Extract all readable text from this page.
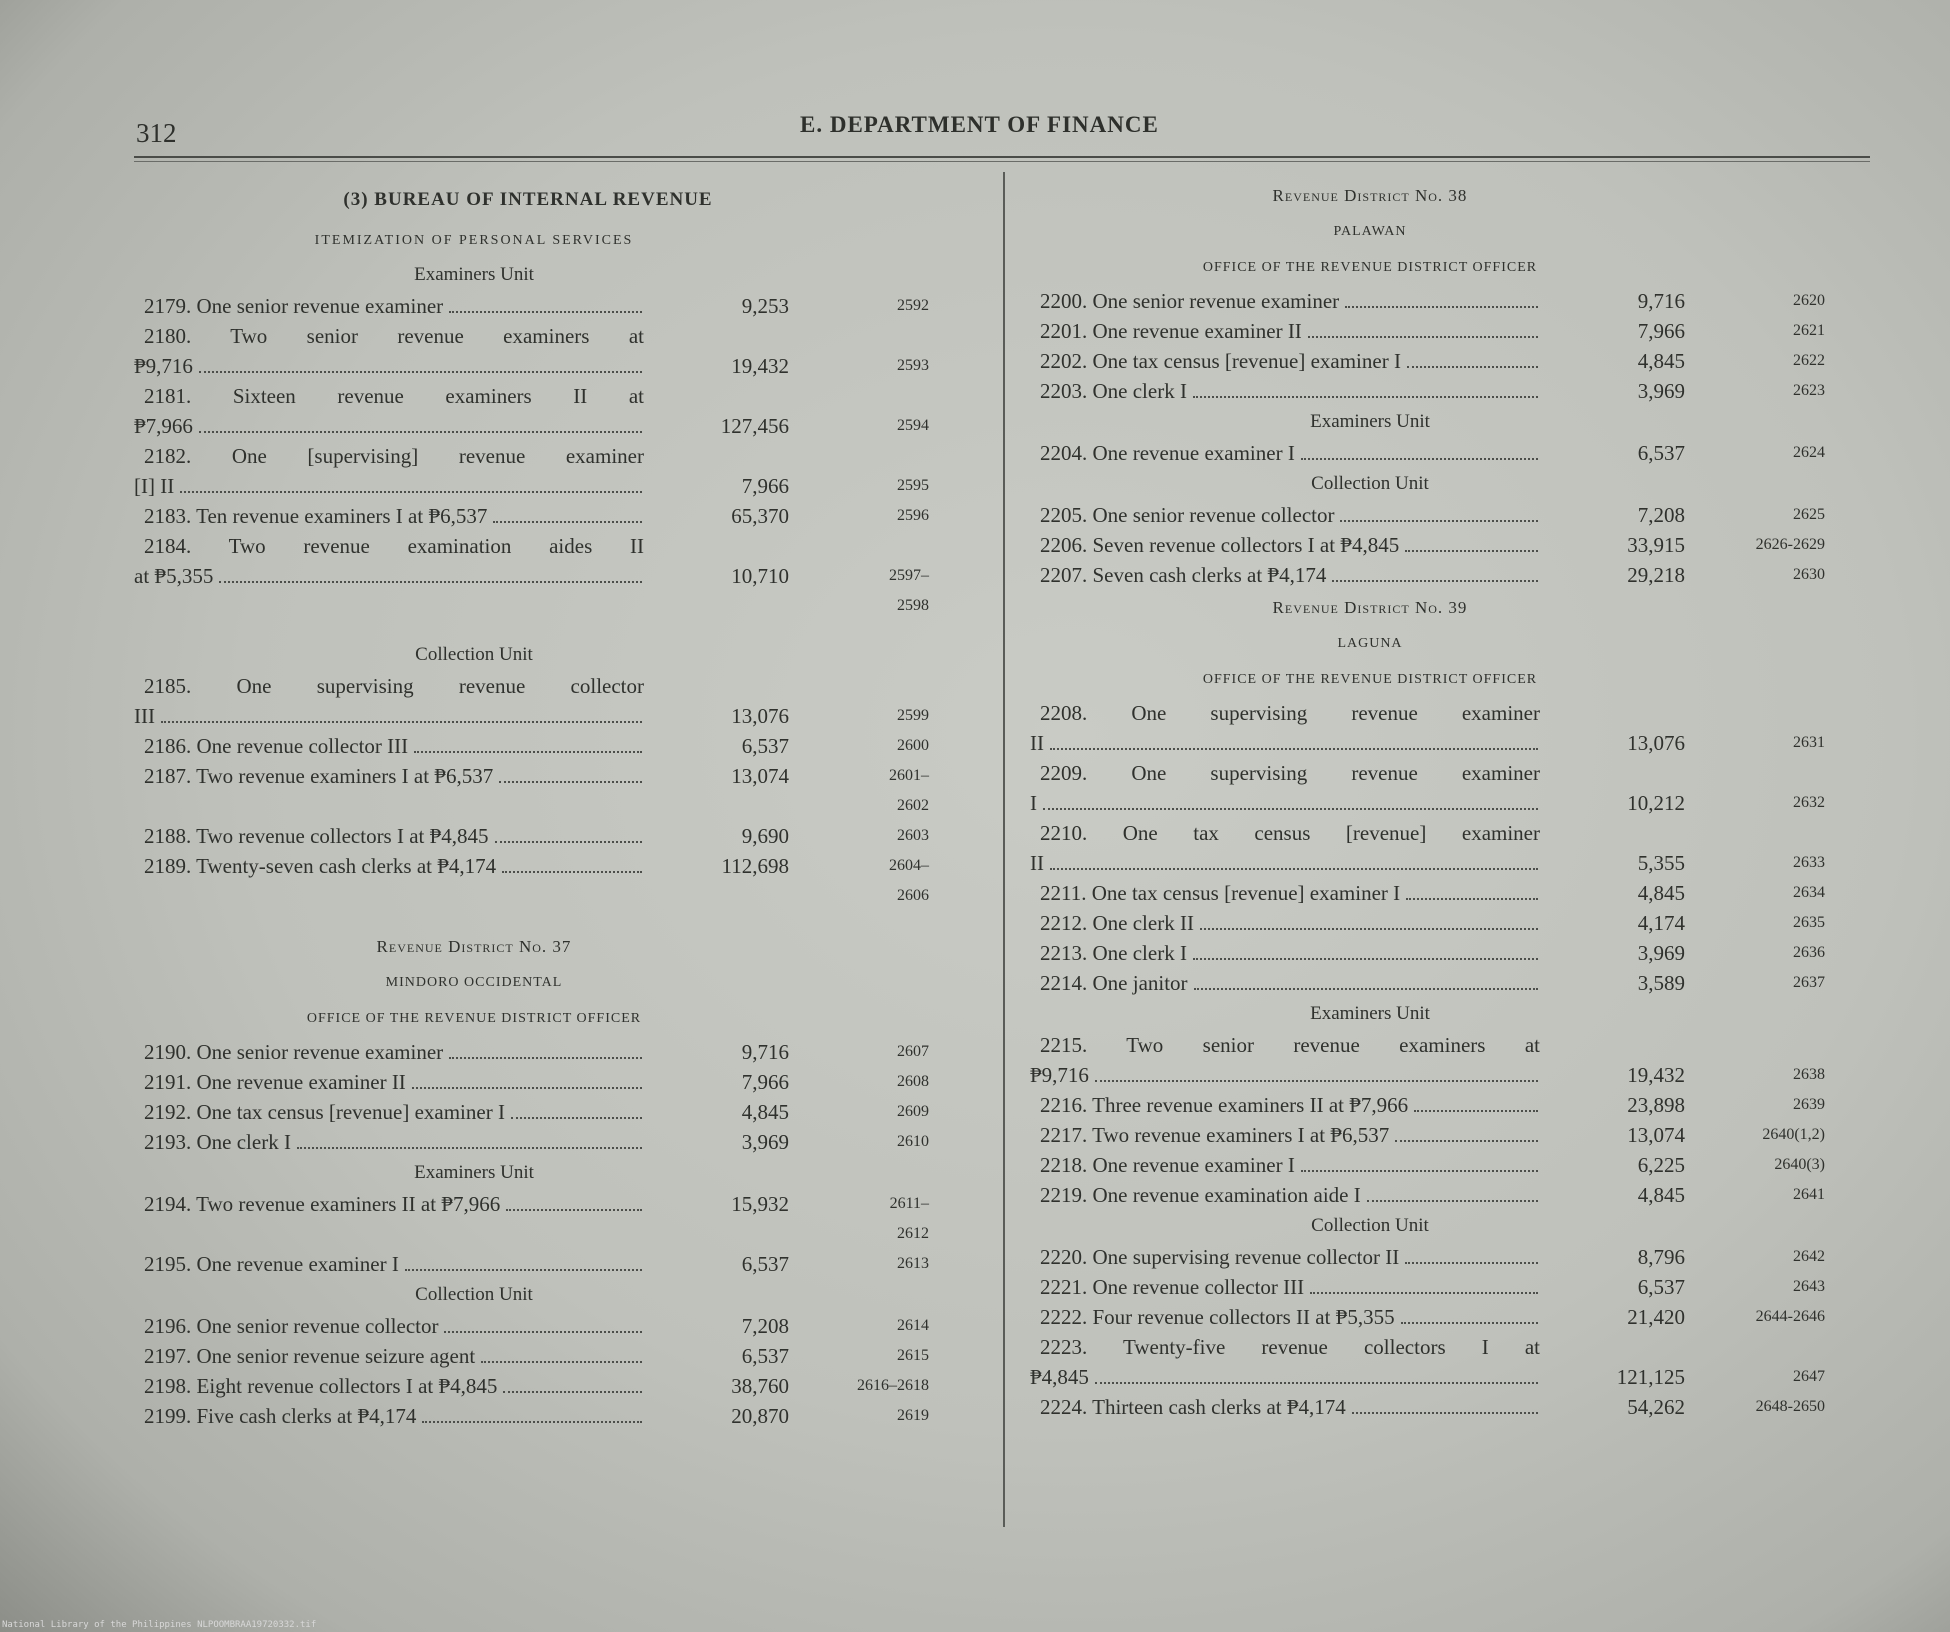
312	E. DEPARTMENT OF FINANCE
(3) BUREAU OF INTERNAL REVENUE
ITEMIZATION OF PERSONAL SERVICES
Examiners Unit
2179. One senior revenue examiner	9,253	2592
2180. Two senior revenue examiners at
₱9,716	19,432	2593
2181. Sixteen revenue examiners II at
₱7,966	127,456	2594
2182. One [supervising] revenue examiner
[I] II	7,966	2595
2183. Ten revenue examiners I at ₱6,537	65,370	2596
2184. Two revenue examination aides II
at ₱5,355	10,710	2597–
2598
Collection Unit
2185. One supervising revenue collector
III	13,076	2599
2186. One revenue collector III	6,537	2600
2187. Two revenue examiners I at ₱6,537	13,074	2601–
2602
2188. Two revenue collectors I at ₱4,845	9,690	2603
2189. Twenty-seven cash clerks at ₱4,174	112,698	2604–
2606
Revenue District No. 37
MINDORO OCCIDENTAL
OFFICE OF THE REVENUE DISTRICT OFFICER
2190. One senior revenue examiner	9,716	2607
2191. One revenue examiner II	7,966	2608
2192. One tax census [revenue] examiner I	4,845	2609
2193. One clerk I	3,969	2610
Examiners Unit
2194. Two revenue examiners II at ₱7,966	15,932	2611–
2612
2195. One revenue examiner I	6,537	2613
Collection Unit
2196. One senior revenue collector	7,208	2614
2197. One senior revenue seizure agent	6,537	2615
2198. Eight revenue collectors I at ₱4,845	38,760	2616–2618
2199. Five cash clerks at ₱4,174	20,870	2619
Revenue District No. 38
PALAWAN
OFFICE OF THE REVENUE DISTRICT OFFICER
2200. One senior revenue examiner	9,716	2620
2201. One revenue examiner II	7,966	2621
2202. One tax census [revenue] examiner I	4,845	2622
2203. One clerk I	3,969	2623
Examiners Unit
2204. One revenue examiner I	6,537	2624
Collection Unit
2205. One senior revenue collector	7,208	2625
2206. Seven revenue collectors I at ₱4,845	33,915	2626-2629
2207. Seven cash clerks at ₱4,174	29,218	2630
Revenue District No. 39
LAGUNA
OFFICE OF THE REVENUE DISTRICT OFFICER
2208. One supervising revenue examiner
II	13,076	2631
2209. One supervising revenue examiner
I	10,212	2632
2210. One tax census [revenue] examiner
II	5,355	2633
2211. One tax census [revenue] examiner I	4,845	2634
2212. One clerk II	4,174	2635
2213. One clerk I	3,969	2636
2214. One janitor	3,589	2637
Examiners Unit
2215. Two senior revenue examiners at
₱9,716	19,432	2638
2216. Three revenue examiners II at ₱7,966	23,898	2639
2217. Two revenue examiners I at ₱6,537	13,074	2640(1,2)
2218. One revenue examiner I	6,225	2640(3)
2219. One revenue examination aide I	4,845	2641
Collection Unit
2220. One supervising revenue collector II	8,796	2642
2221. One revenue collector III	6,537	2643
2222. Four revenue collectors II at ₱5,355	21,420	2644-2646
2223. Twenty-five revenue collectors I at
₱4,845	121,125	2647
2224. Thirteen cash clerks at ₱4,174	54,262	2648-2650
National Library of the Philippines NLPOOMBRAA19720332.tif
